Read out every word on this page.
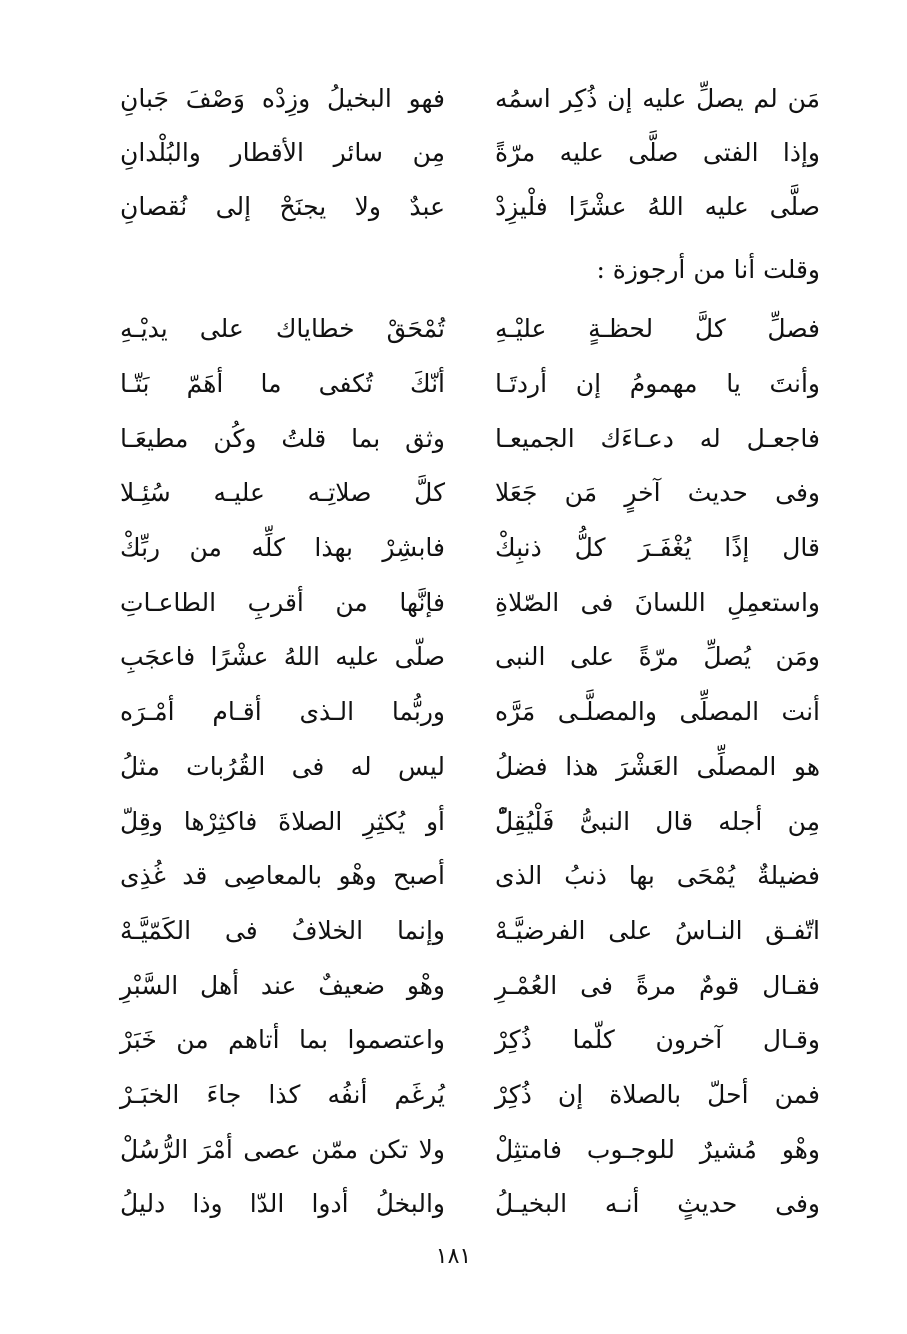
مَن لم يصلِّ عليه إن ذُكِر اسمُه
فهو البخيلُ وزِدْه وَصْفَ جَبانِ
وإذا الفتى صلَّى عليه مرّةً
مِن سائر الأقطار والبُلْدانِ
صلَّى عليه اللهُ عشْرًا فلْيزِدْ
عبدٌ ولا يجنَحْ إلى نُقصانِ
وقلت أنا من أرجوزة :
فصلِّ كلَّ لحظـةٍ عليْـهِ
تُمْحَقْ خطاياك على يديْـهِ
وأنتَ يا مهمومُ إن أردتَـا
أنّكَ تُكفى ما أهَمّ بَتّـا
فاجعـل له دعـاءَك الجميعـا
وثق بما قلتُ وكُن مطيعَـا
وفى حديث آخرٍ مَن جَعَلا
كلَّ صلاتِـه عليـه سُئِـلا
قال إذًا يُغْفَـرَ كلُّ ذنبِكْ
فابشِرْ بهذا كلِّه من ربِّكْ
واستعمِلِ اللسانَ فى الصّلاةِ
فإنَّها من أقربِ الطاعـاتِ
ومَن يُصلِّ مرّةً على النبى
صلّى عليه اللهُ عشْرًا فاعجَبِ
أنت المصلِّى والمصلَّـى مَرَّه
وربُّما الـذى أقـام أمْـرَه
هو المصلِّى العَشْرَ هذا فضلُ
ليس له فى القُرُبات مثلُ
مِن أجله قال النبىُّ فَلْيُقِلّْ
أو يُكثِرِ الصلاةَ فاكثِرْها وقِلّ
فضيلةٌ يُمْحَى بها ذنبُ الذى
أصبح وهْو بالمعاصِى قد غُذِى
اتّفـق النـاسُ على الفرضيَّـهْ
وإنما الخلافُ فى الكَمّيَّـهْ
فقـال قومٌ مرةً فى العُمْـرِ
وهْو ضعيفٌ عند أهل السَّبْرِ
وقـال آخرون كلّما ذُكِرْ
واعتصموا بما أتاهم من خَبَرْ
فمن أحلّ بالصلاة إن ذُكِرْ
يُرغَم أنفُه كذا جاءَ الخبَـرْ
وهْو مُشيرٌ للوجـوب فامتثِلْ
ولا تكن ممّن عصى أمْرَ الرُّسُلْ
وفى حديثٍ أنـه البخيـلُ
والبخلُ أدوا الدّا وذا دليلُ
١٨١
